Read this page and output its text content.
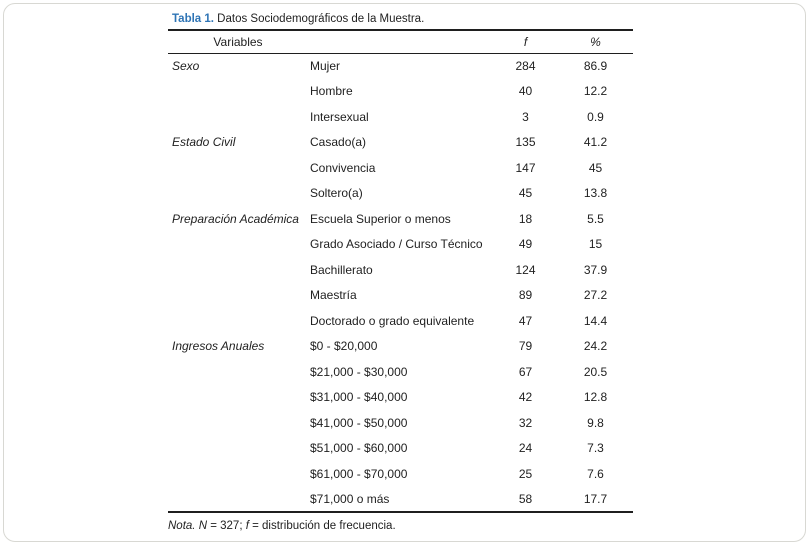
Tabla 1. Datos Sociodemográficos de la Muestra.
Variables		f	%
Sexo	Mujer	284	86.9
	Hombre	40	12.2
	Intersexual	3	0.9
Estado Civil	Casado(a)	135	41.2
	Convivencia	147	45
	Soltero(a)	45	13.8
Preparación Académica	Escuela Superior o menos	18	5.5
	Grado Asociado / Curso Técnico	49	15
	Bachillerato	124	37.9
	Maestría	89	27.2
	Doctorado o grado equivalente	47	14.4
Ingresos Anuales	$0 - $20,000	79	24.2
	$21,000 - $30,000	67	20.5
	$31,000 - $40,000	42	12.8
	$41,000 - $50,000	32	9.8
	$51,000 - $60,000	24	7.3
	$61,000 - $70,000	25	7.6
	$71,000 o más	58	17.7
Nota. N = 327; f = distribución de frecuencia.
